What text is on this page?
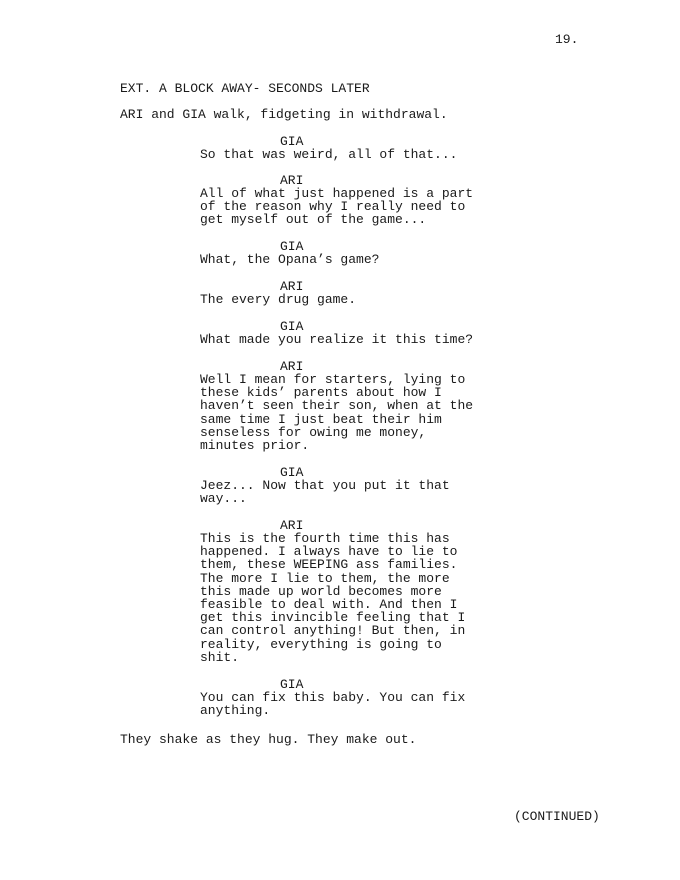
19.
EXT. A BLOCK AWAY- SECONDS LATER
ARI and GIA walk, fidgeting in withdrawal.
GIA
So that was weird, all of that...
ARI
All of what just happened is a part
of the reason why I really need to
get myself out of the game...
GIA
What, the Opana’s game?
ARI
The every drug game.
GIA
What made you realize it this time?
ARI
Well I mean for starters, lying to
these kids’ parents about how I
haven’t seen their son, when at the
same time I just beat their him
senseless for owing me money,
minutes prior.
GIA
Jeez... Now that you put it that
way...
ARI
This is the fourth time this has
happened. I always have to lie to
them, these WEEPING ass families.
The more I lie to them, the more
this made up world becomes more
feasible to deal with. And then I
get this invincible feeling that I
can control anything! But then, in
reality, everything is going to
shit.
GIA
You can fix this baby. You can fix
anything.
They shake as they hug. They make out.
(CONTINUED)
